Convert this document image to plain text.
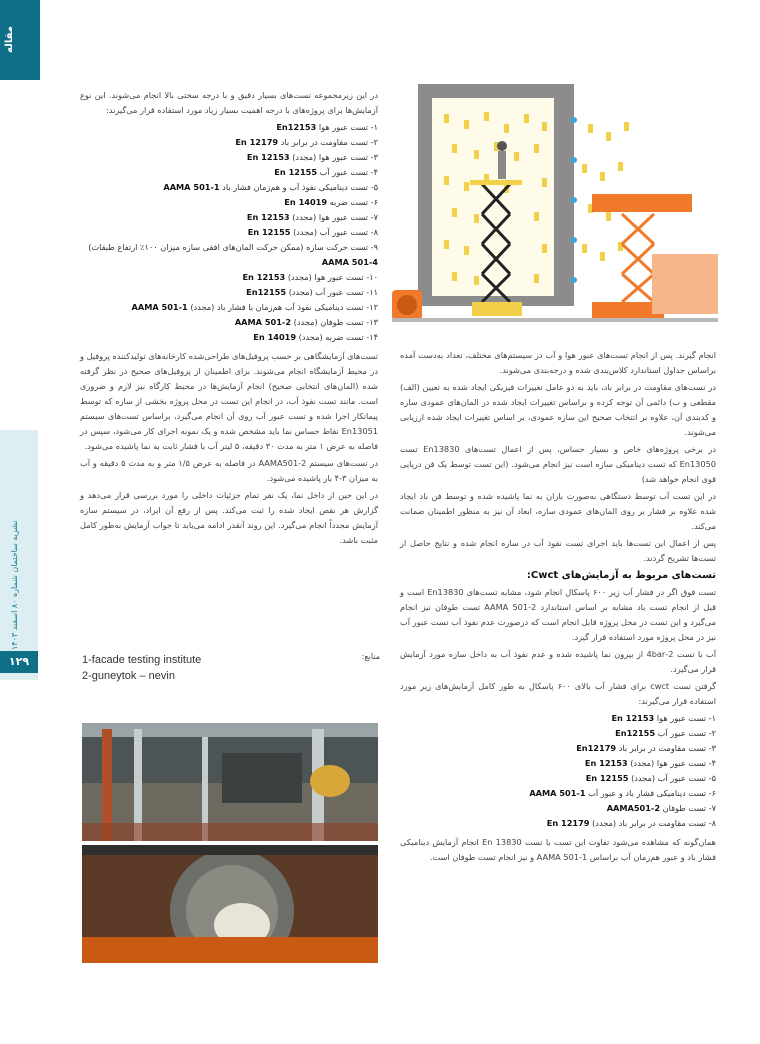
مقاله
نشریه ساختمان شماره ۸۰ اسفند ۱۴۰۳
۱۲۹

در این زیرمجموعه تست‌های بسیار دقیق و با درجه سختی بالا انجام می‌شوند. این نوع آزمایش‌ها برای پروژه‌های با درجه اهمیت بسیار زیاد مورد استفاده قرار می‌گیرند:

۱- تست عبور هوا En12153
۲- تست مقاومت در برابر باد En 12179
۳- تست عبور هوا (مجدد) En 12153
۴- تست عبور آب En 12155
۵- تست دینامیکی نفوذ آب و هم‌زمان فشار باد AAMA 501-1
۶- تست ضربه En 14019
۷- تست عبور هوا (مجدد) En 12153
۸- تست عبور آب (مجدد) En 12155
۹- تست حرکت سازه (ممکن حرکت المان‌های افقی سازه میزان ۱۰۰٪ ارتفاع طبقات) AAMA 501-4
۱۰- تست عبور هوا (مجدد) En 12153
۱۱- تست عبور آب (مجدد) En12155
۱۲- تست دینامیکی نفوذ آب هم‌زمان با فشار باد (مجدد) AAMA 501-1
۱۳- تست طوفان (مجدد) AAMA 501-2
۱۴- تست ضربه (مجدد) En 14019

تست‌های آزمایشگاهی بر حسب پروفیل‌های طراحی‌شده کارخانه‌های تولیدکننده پروفیل و در محیط آزمایشگاه انجام می‌شوند. برای اطمینان از پروفیل‌های صحیح در نظر گرفته شده (المان‌های انتخابی صحیح) انجام آزمایش‌ها در محیط کارگاه نیز لازم و ضروری است. مانند تست نفوذ آب، در انجام این تست در محل پروژه بخشی از سازه که توسط پیمانکار اجرا شده و تست عبور آب روی آن انجام می‌گیرد، براساس تست‌های سیستم En13051 نقاط حساس نما باید مشخص شده و یک نمونه اجرای کار می‌شود، سپس در فاصله به عرض ۱ متر به مدت ۳۰ دقیقه، ۵ لیتر آب با فشار ثابت به نما پاشیده می‌شود.

در تست‌های سیستم AAMA501-2 در فاصله به عرض ۱/۵ متر و به مدت ۵ دقیقه و آب به میزان ۳-۴ بار پاشیده می‌شود.

در این حین از داخل نما، یک نفر تمام جزئیات داخلی را مورد بررسی قرار می‌دهد و گزارش هر نقص ایجاد شده را ثبت می‌کند. پس از رفع آن ایراد، در سیستم سازه آزمایش مجدداً انجام می‌گیرد. این روند آنقدر ادامه می‌یابد تا جواب آزمایش به‌طور کامل مثبت باشد.

منابع:
1-facade testing institute
2-guneytok – nevin

انجام گیرند. پس از انجام تست‌های عبور هوا و آب در سیستم‌های مختلف، تعداد به‌دست آمده براساس جداول استاندارد کلاس‌بندی شده و درجه‌بندی می‌شوند.

در تست‌های مقاومت در برابر باد، باید به دو عامل تغییرات فیزیکی ایجاد شده به تعیین (الف) مقطعی و ب) دائمی آن توجه کرده و براساس تغییرات ایجاد شده در المان‌های عمودی سازه و کدبندی آن، علاوه بر انتخاب صحیح این سازه عمودی، بر اساس تغییرات ایجاد شده ارزیابی می‌شوند.

در برخی پروژه‌های خاص و بسیار حساس، پس از اعمال تست‌های En13830 تست En13050 که تست دینامیکی سازه است نیز انجام می‌شود. (این تست توسط یک فن دریایی قوی انجام خواهد شد)

در این تست آب توسط دستگاهی به‌صورت باران به نما پاشیده شده و توسط فن باد ایجاد شده علاوه بر فشار بر روی المان‌های عمودی سازه، ابعاد آن نیز به منظور اطمینان ضمانت می‌کند.

پس از اعمال این تست‌ها باید اجرای تست نفوذ آب در سازه انجام شده و نتایج حاصل از تست‌ها تشریح گردند.

تست‌های مربوط به آزمایش‌های Cwct:

تست فوق اگر در فشار آب زیر ۶۰۰ پاسکال انجام شود، مشابه تست‌های En13830 است و قبل از انجام تست باد مشابه بر اساس استاندارد AAMA 501-2 تست طوفان نیز انجام می‌گیرد و این تست در محل پروژه قابل انجام است که درصورت عدم نفوذ آب تست عبور آب نیز در محل پروژه مورد استفاده قرار گیرد.

آب با تست 2-4bar از بیرون نما پاشیده شده و عدم نفوذ آب به داخل سازه مورد آزمایش قرار می‌گیرد.

گرفتن تست cwct برای فشار آب بالای ۶۰۰ پاسکال به طور کامل آزمایش‌های زیر مورد استفاده قرار می‌گیرند:

۱- تست عبور هوا En 12153
۲- تست عبور آب En12155
۳- تست مقاومت در برابر باد En12179
۴- تست عبور هوا (مجدد) En 12153
۵- تست عبور آب (مجدد) En 12155
۶- تست دینامیکی فشار باد و عبور آب AAMA 501-1
۷- تست طوفان AAMA501-2
۸- تست مقاومت در برابر باد (مجدد) En 12179

همان‌گونه که مشاهده می‌شود تفاوت این تست با تست En 13830 انجام آزمایش دینامیکی فشار باد و عبور هم‌زمان آب براساس AAMA 501-1 و نیز انجام تست طوفان است.
